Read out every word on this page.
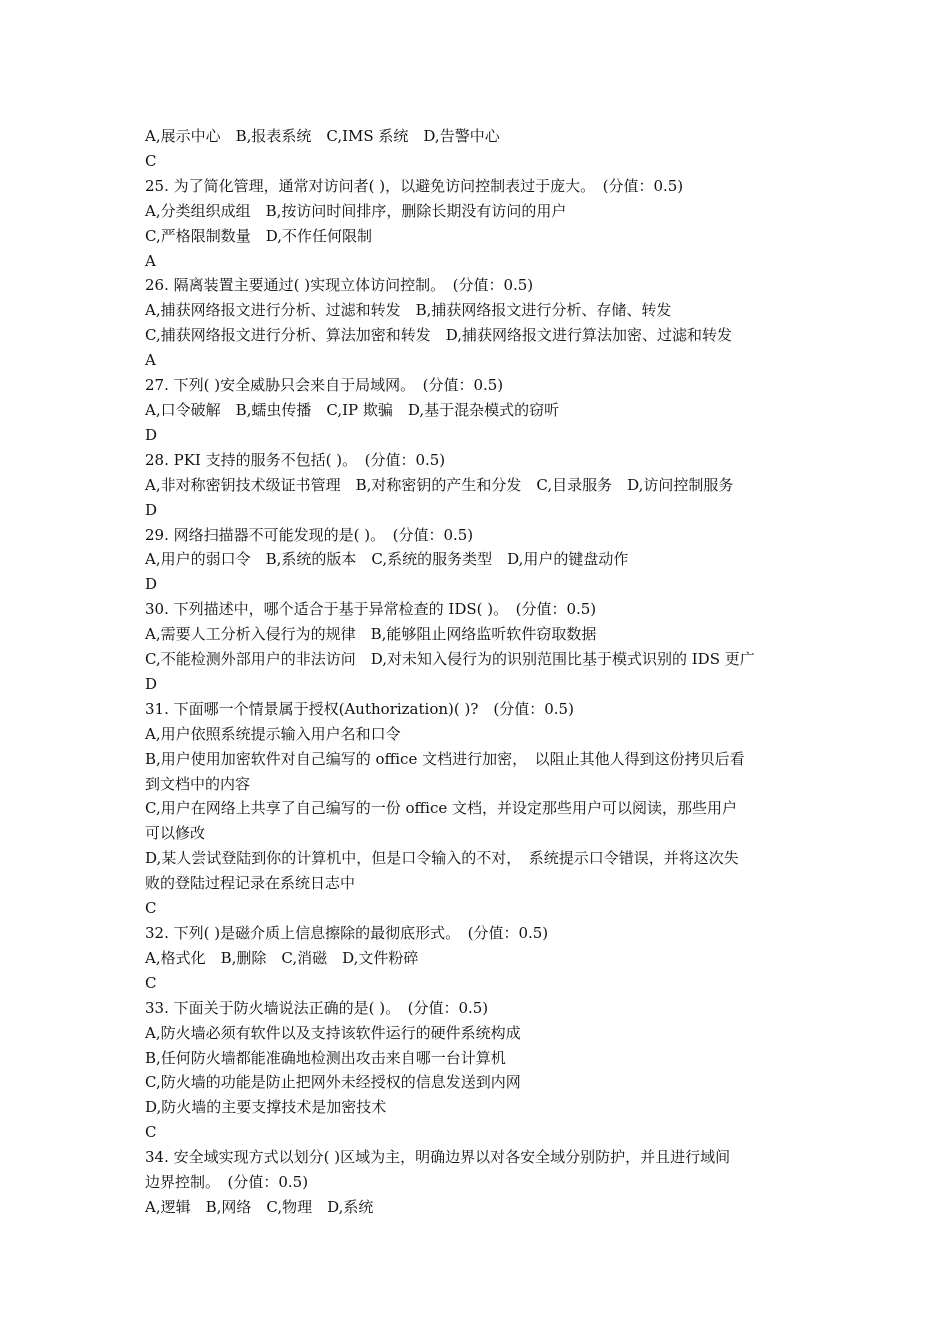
A,展示中心　B,报表系统　C,IMS 系统　D,告警中心
C
25. 为了简化管理，通常对访问者( )，以避免访问控制表过于庞大。　(分值：0.5)
A,分类组织成组　B,按访问时间排序，删除长期没有访问的用户
C,严格限制数量　D,不作任何限制
A
26. 隔离装置主要通过( )实现立体访问控制。　(分值：0.5)
A,捕获网络报文进行分析、过滤和转发　B,捕获网络报文进行分析、存储、转发
C,捕获网络报文进行分析、算法加密和转发　D,捕获网络报文进行算法加密、过滤和转发
A
27. 下列( )安全威胁只会来自于局域网。　(分值：0.5)
A,口令破解　B,蠕虫传播　C,IP 欺骗　D,基于混杂模式的窃听
D
28. PKI 支持的服务不包括( )。　(分值：0.5)
A,非对称密钥技术级证书管理　B,对称密钥的产生和分发　C,目录服务　D,访问控制服务
D
29. 网络扫描器不可能发现的是( )。　(分值：0.5)
A,用户的弱口令　B,系统的版本　C,系统的服务类型　D,用户的键盘动作
D
30. 下列描述中，哪个适合于基于异常检查的 IDS( )。　(分值：0.5)
A,需要人工分析入侵行为的规律　B,能够阻止网络监听软件窃取数据
C,不能检测外部用户的非法访问　D,对未知入侵行为的识别范围比基于模式识别的 IDS 更广
D
31. 下面哪一个情景属于授权(Authorization)( )?　(分值：0.5)
A,用户依照系统提示输入用户名和口令
B,用户使用加密软件对自己编写的 office 文档进行加密，　以阻止其他人得到这份拷贝后看
到文档中的内容
C,用户在网络上共享了自己编写的一份 office 文档，并设定那些用户可以阅读，那些用户
可以修改
D,某人尝试登陆到你的计算机中，但是口令输入的不对，　系统提示口令错误，并将这次失
败的登陆过程记录在系统日志中
C
32. 下列( )是磁介质上信息擦除的最彻底形式。　(分值：0.5)
A,格式化　B,删除　C,消磁　D,文件粉碎
C
33. 下面关于防火墙说法正确的是( )。　(分值：0.5)
A,防火墙必须有软件以及支持该软件运行的硬件系统构成
B,任何防火墙都能准确地检测出攻击来自哪一台计算机
C,防火墙的功能是防止把网外未经授权的信息发送到内网
D,防火墙的主要支撑技术是加密技术
C
34. 安全域实现方式以划分( )区域为主，明确边界以对各安全域分别防护，并且进行域间
边界控制。　(分值：0.5)
A,逻辑　B,网络　C,物理　D,系统
